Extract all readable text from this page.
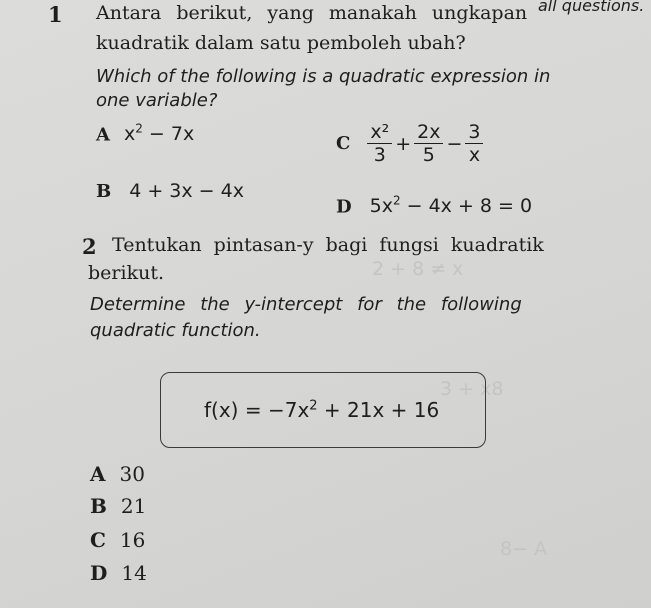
2 + 8 ≠ x
3 + x8
8− A
all questions.
1 Antara berikut, yang manakah ungkapan
kuadratik dalam satu pemboleh ubah?
Which of the following is a quadratic expression in
one variable?
A $x^2 - 7x$
B 4 + 3x − 4x
C $\frac{\text{x²}}{3} + \frac{2x}{5} - \frac{3}{x}$
D $5x^2 - 4x + 8 = 0$
2 Tentukan pintasan-y bagi fungsi kuadratik
berikut.
Determine the y-intercept for the following
quadratic function.
$f(x) = -7x^2 + 21x + 16$
A 30
B 21
C 16
D 14
